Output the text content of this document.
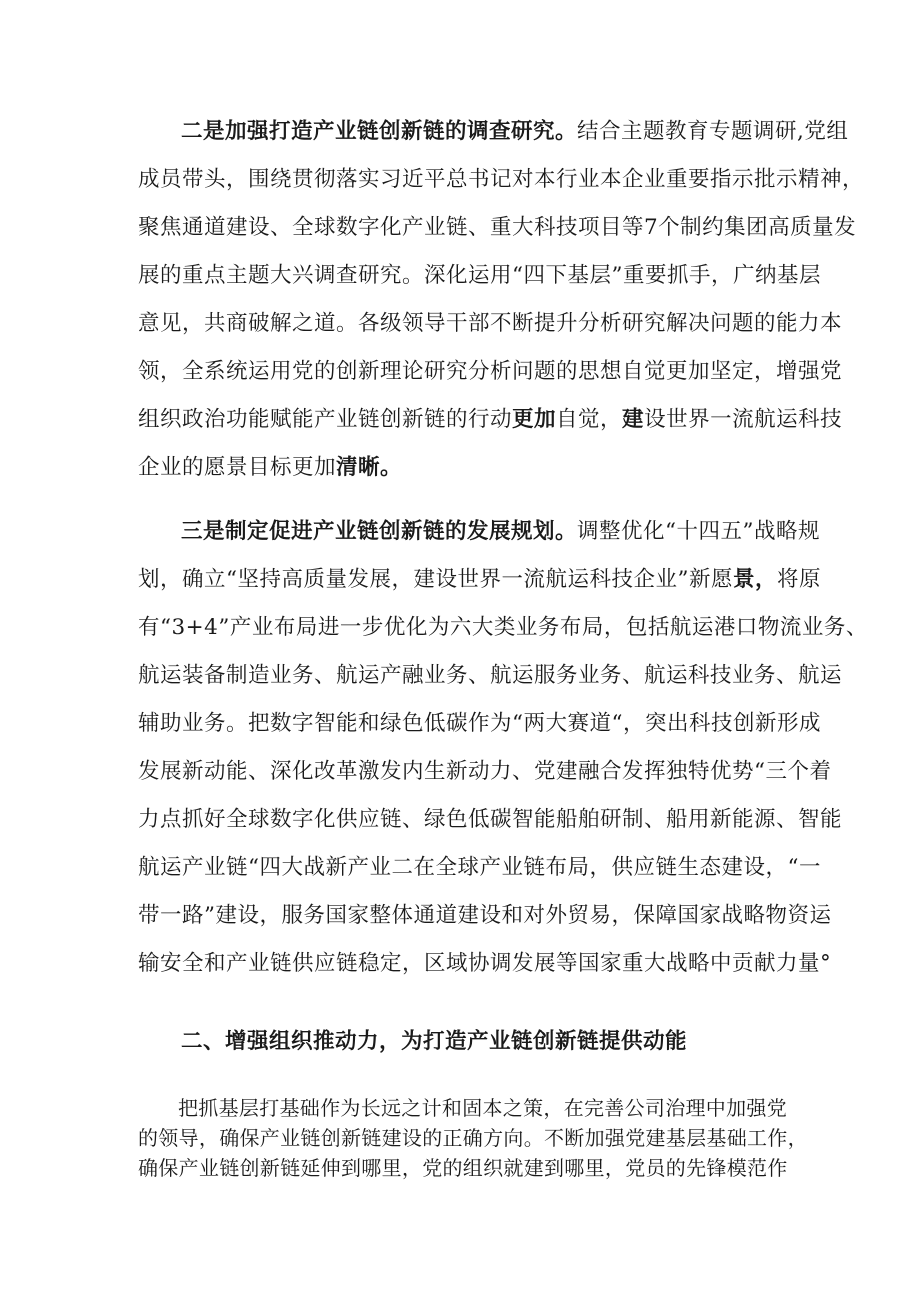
二是加强打造产业链创新链的调查研究。结合主题教育专题调研,党组
成员带头，围绕贯彻落实习近平总书记对本行业本企业重要指示批示精神，
聚焦通道建设、全球数字化产业链、重大科技项目等7个制约集团高质量发
展的重点主题大兴调查研究。深化运用“四下基层”重要抓手，广纳基层
意见，共商破解之道。各级领导干部不断提升分析研究解决问题的能力本
领，全系统运用党的创新理论研究分析问题的思想自觉更加坚定，增强党
组织政治功能赋能产业链创新链的行动更加自觉，建设世界一流航运科技
企业的愿景目标更加清晰。
三是制定促进产业链创新链的发展规划。调整优化“十四五”战略规
划，确立“坚持高质量发展，建设世界一流航运科技企业”新愿景，将原
有“3+4”产业布局进一步优化为六大类业务布局，包括航运港口物流业务、
航运装备制造业务、航运产融业务、航运服务业务、航运科技业务、航运
辅助业务。把数字智能和绿色低碳作为“两大赛道“，突出科技创新形成
发展新动能、深化改革激发内生新动力、党建融合发挥独特优势“三个着
力点抓好全球数字化供应链、绿色低碳智能船舶研制、船用新能源、智能
航运产业链“四大战新产业二在全球产业链布局，供应链生态建设，“一
带一路”建设，服务国家整体通道建设和对外贸易，保障国家战略物资运
输安全和产业链供应链稳定，区域协调发展等国家重大战略中贡献力量°
二、增强组织推动力，为打造产业链创新链提供动能
把抓基层打基础作为长远之计和固本之策，在完善公司治理中加强党
的领导，确保产业链创新链建设的正确方向。不断加强党建基层基础工作，
确保产业链创新链延伸到哪里，党的组织就建到哪里，党员的先锋模范作
